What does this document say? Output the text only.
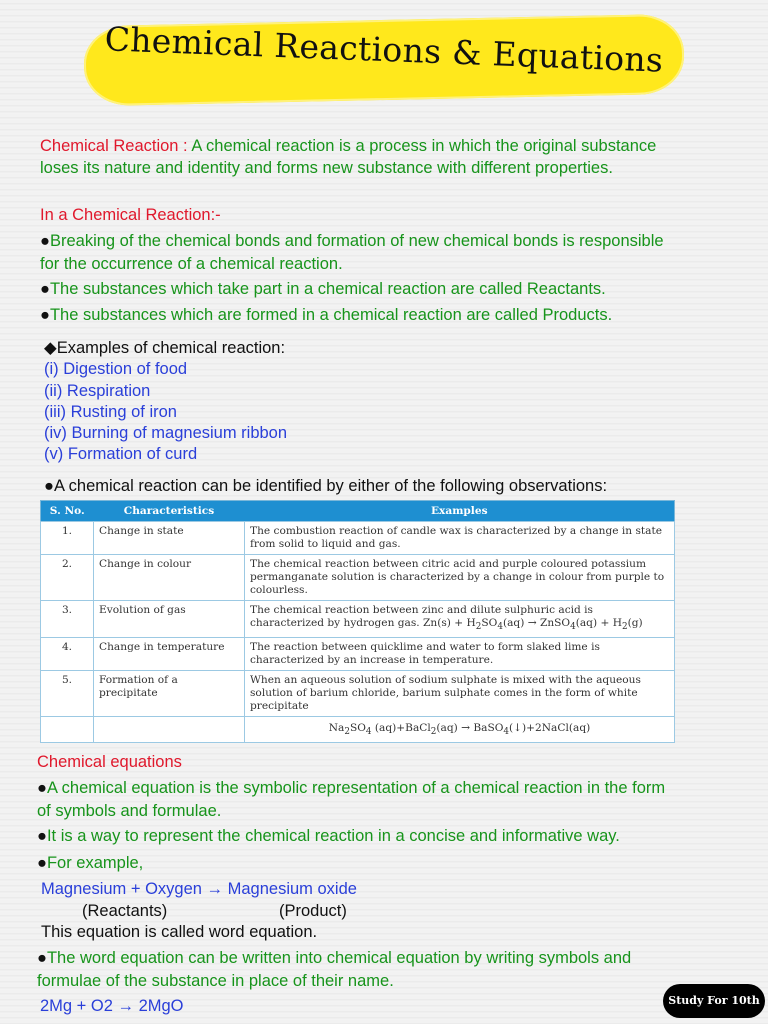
Chemical Reactions & Equations
Chemical Reaction : A chemical reaction is a process in which the original substance
loses its nature and identity and forms new substance with different properties.
In a Chemical Reaction:-
●Breaking of the chemical bonds and formation of new chemical bonds is responsible
for the occurrence of a chemical reaction.
●The substances which take part in a chemical reaction are called Reactants.
●The substances which are formed in a chemical reaction are called Products.
◆Examples of chemical reaction:
(i) Digestion of food
(ii) Respiration
(iii) Rusting of iron
(iv) Burning of magnesium ribbon
(v) Formation of curd
●A chemical reaction can be identified by either of the following observations:
S. No.	Characteristics	Examples
1.	Change in state	The combustion reaction of candle wax is characterized by a change in state from solid to liquid and gas.
2.	Change in colour	The chemical reaction between citric acid and purple coloured potassium permanganate solution is characterized by a change in colour from purple to colourless.
3.	Evolution of gas	The chemical reaction between zinc and dilute sulphuric acid is characterized by hydrogen gas. $Zn(s) + H_2SO_4(aq)$ → ZnSO$_4$(aq) + $H_2(g)$
4.	Change in temperature	The reaction between quicklime and water to form slaked lime is characterized by an increase in temperature.
5.	Formation of a precipitate	When an aqueous solution of sodium sulphate is mixed with the aqueous solution of barium chloride, barium sulphate comes in the form of white precipitate
		$Na_2SO_4$ (aq)+BaCl$_2$(aq) → BaSO$_4$(↓)+2NaCl(aq)
Chemical equations
●A chemical equation is the symbolic representation of a chemical reaction in the form
of symbols and formulae.
●It is a way to represent the chemical reaction in a concise and informative way.
●For example,
Magnesium + Oxygen → Magnesium oxide
(Reactants)	(Product)
This equation is called word equation.
●The word equation can be written into chemical equation by writing symbols and
formulae of the substance in place of their name.
2Mg + O2 → 2MgO	Study For 10th
